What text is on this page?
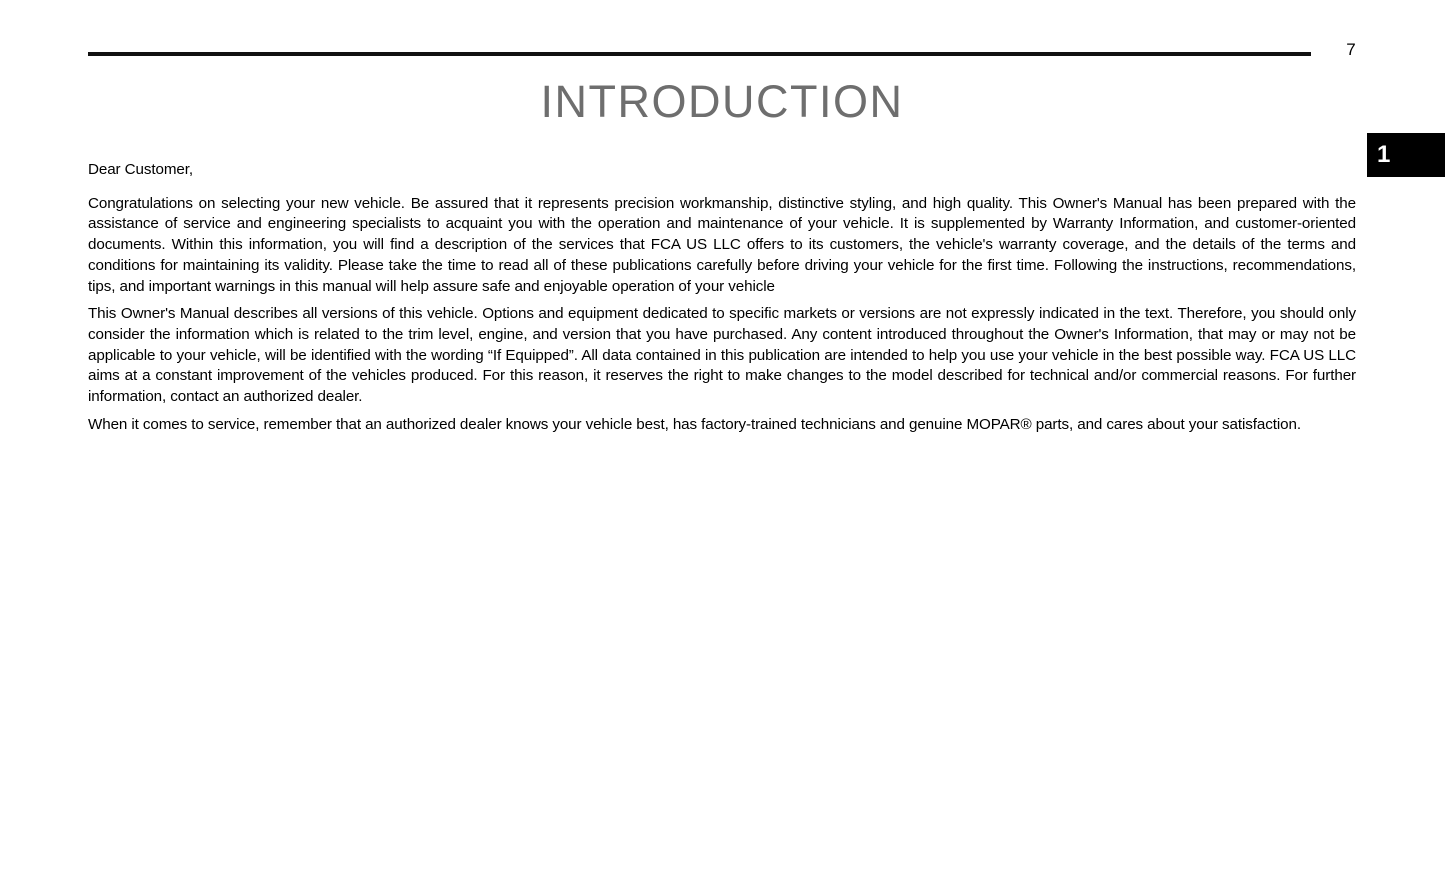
7
INTRODUCTION
1

Dear Customer,

Congratulations on selecting your new vehicle. Be assured that it represents precision workmanship, distinctive styling, and high quality. This Owner's Manual has been prepared with the assistance of service and engineering specialists to acquaint you with the operation and maintenance of your vehicle. It is supplemented by Warranty Information, and customer-oriented documents. Within this information, you will find a description of the services that FCA US LLC offers to its customers, the vehicle's warranty coverage, and the details of the terms and conditions for maintaining its validity. Please take the time to read all of these publications carefully before driving your vehicle for the first time. Following the instructions, recommendations, tips, and important warnings in this manual will help assure safe and enjoyable operation of your vehicle

This Owner's Manual describes all versions of this vehicle. Options and equipment dedicated to specific markets or versions are not expressly indicated in the text. Therefore, you should only consider the information which is related to the trim level, engine, and version that you have purchased. Any content introduced throughout the Owner's Information, that may or may not be applicable to your vehicle, will be identified with the wording “If Equipped”. All data contained in this publication are intended to help you use your vehicle in the best possible way. FCA US LLC aims at a constant improvement of the vehicles produced. For this reason, it reserves the right to make changes to the model described for technical and/or commercial reasons. For further information, contact an authorized dealer.

When it comes to service, remember that an authorized dealer knows your vehicle best, has factory-trained technicians and genuine MOPAR® parts, and cares about your satisfaction.
